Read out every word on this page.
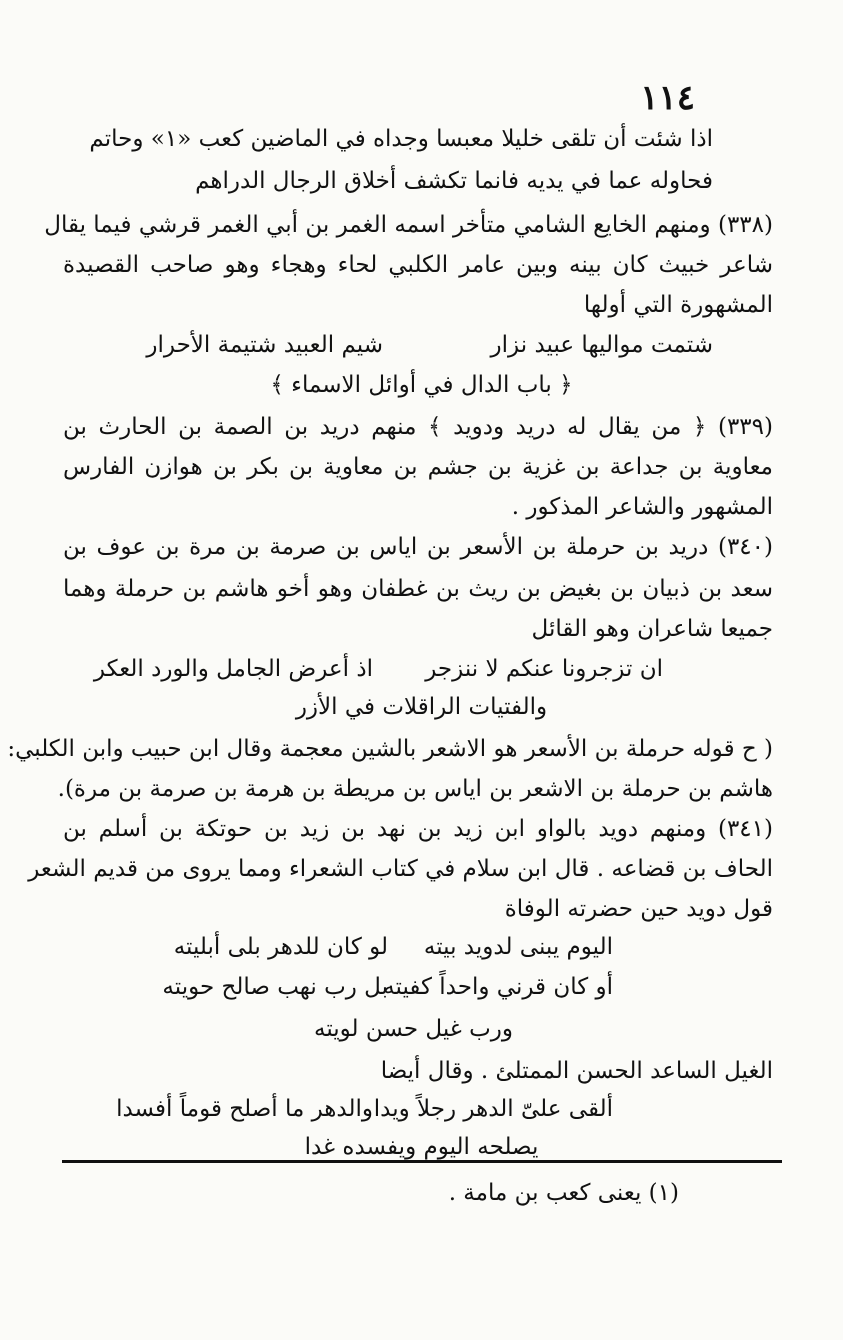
١١٤
اذا شئت أن تلقى خليلا معبسا وجداه في الماضين كعب «١» وحاتم
فحاوله عما في يديه فانما تكشف أخلاق الرجال الدراهم
(٣٣٨) ومنهم الخايع الشامي متأخر اسمه الغمر بن أبي الغمر قرشي فيما يقال
شاعر خبيث كان بينه وبين عامر الكلبي لحاء وهجاء وهو صاحب القصيدة
المشهورة التي أولها
شتمت مواليها عبيد نزار
شيم العبيد شتيمة الأحرار
﴿ باب الدال في أوائل الاسماء ﴾
(٣٣٩) ﴿ من يقال له دريد ودويد ﴾ منهم دريد بن الصمة بن الحارث بن
معاوية بن جداعة بن غزية بن جشم بن معاوية بن بكر بن هوازن الفارس
المشهور والشاعر المذكور .
(٣٤٠) دريد بن حرملة بن الأسعر بن اياس بن صرمة بن مرة بن عوف بن
سعد بن ذبيان بن بغيض بن ريث بن غطفان وهو أخو هاشم بن حرملة وهما
جميعا شاعران وهو القائل
ان تزجرونا عنكم لا ننزجر
اذ أعرض الجامل والورد العكر
والفتيات الراقلات في الأزر
( ح قوله حرملة بن الأسعر هو الاشعر بالشين معجمة وقال ابن حبيب وابن الكلبي:
هاشم بن حرملة بن الاشعر بن اياس بن مريطة بن هرمة بن صرمة بن مرة).
(٣٤١) ومنهم دويد بالواو ابن زيد بن نهد بن زيد بن حوتكة بن أسلم بن
الحاف بن قضاعه . قال ابن سلام في كتاب الشعراء ومما يروى من قديم الشعر
قول دويد حين حضرته الوفاة
اليوم يبنى لدويد بيته
لو كان للدهر بلى أبليته
أو كان قرني واحداً كفيته
بل رب نهب صالح حويته
ورب غيل حسن لويته
الغيل الساعد الحسن الممتلئ . وقال أيضا
ألقى علىّ الدهر رجلاً ويدا
والدهر ما أصلح قوماً أفسدا
يصلحه اليوم ويفسده غدا
(١) يعنى كعب بن مامة .
